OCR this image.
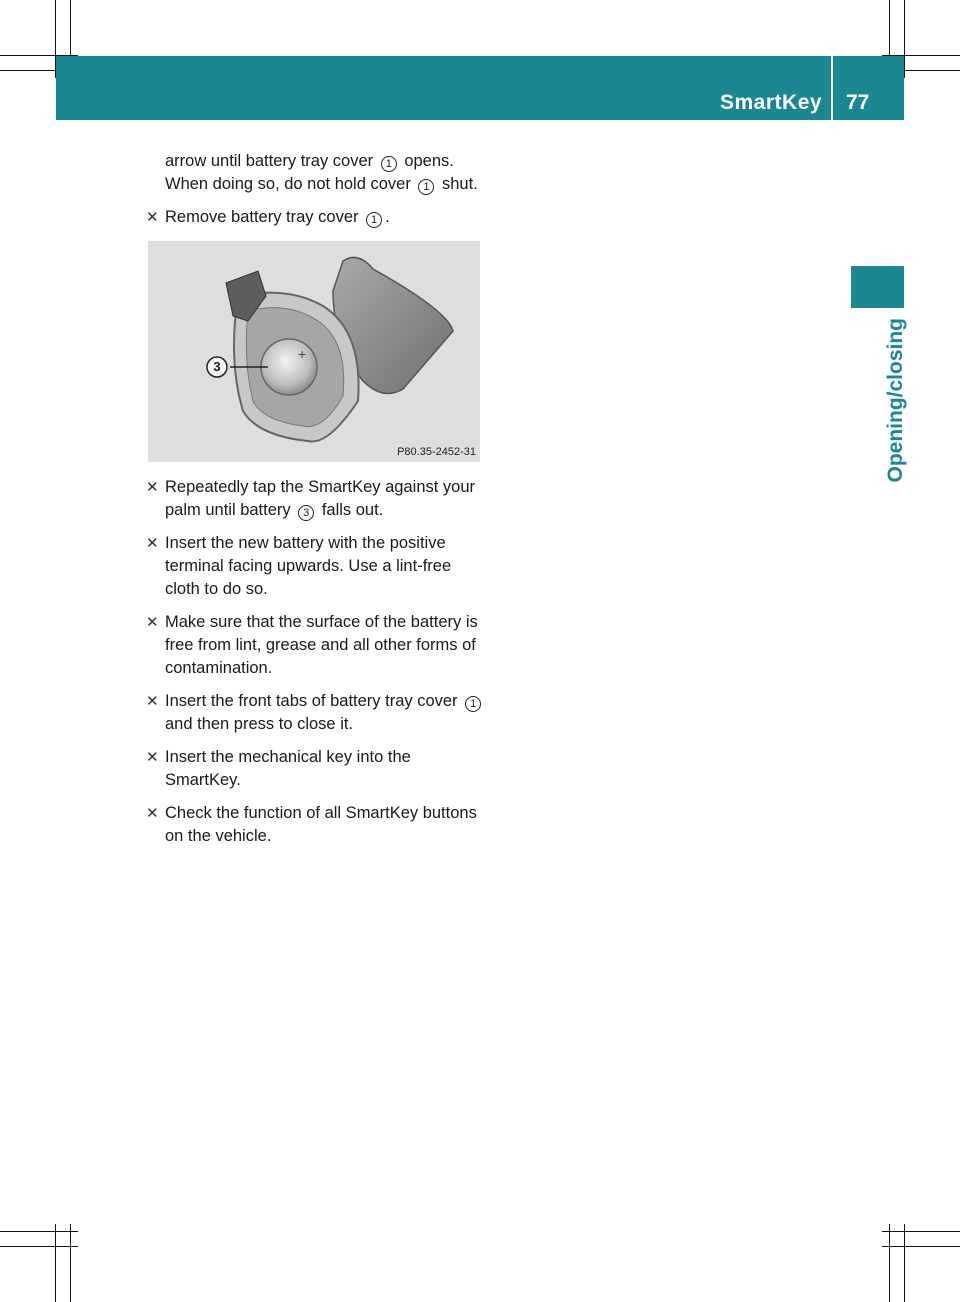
SmartKey 77
Opening/closing

arrow until battery tray cover 1 opens.

When doing so, do not hold cover 1 shut.

✕ Remove battery tray cover 1 .
+
3
P80.35-2452-31
✕ Repeatedly tap the SmartKey against your palm until battery 3 falls out.
✕ Insert the new battery with the positive terminal facing upwards. Use a lint-free cloth to do so.
✕ Make sure that the surface of the battery is free from lint, grease and all other forms of contamination.
✕ Insert the front tabs of battery tray cover 1 and then press to close it.
✕ Insert the mechanical key into the SmartKey.
✕ Check the function of all SmartKey buttons on the vehicle.
